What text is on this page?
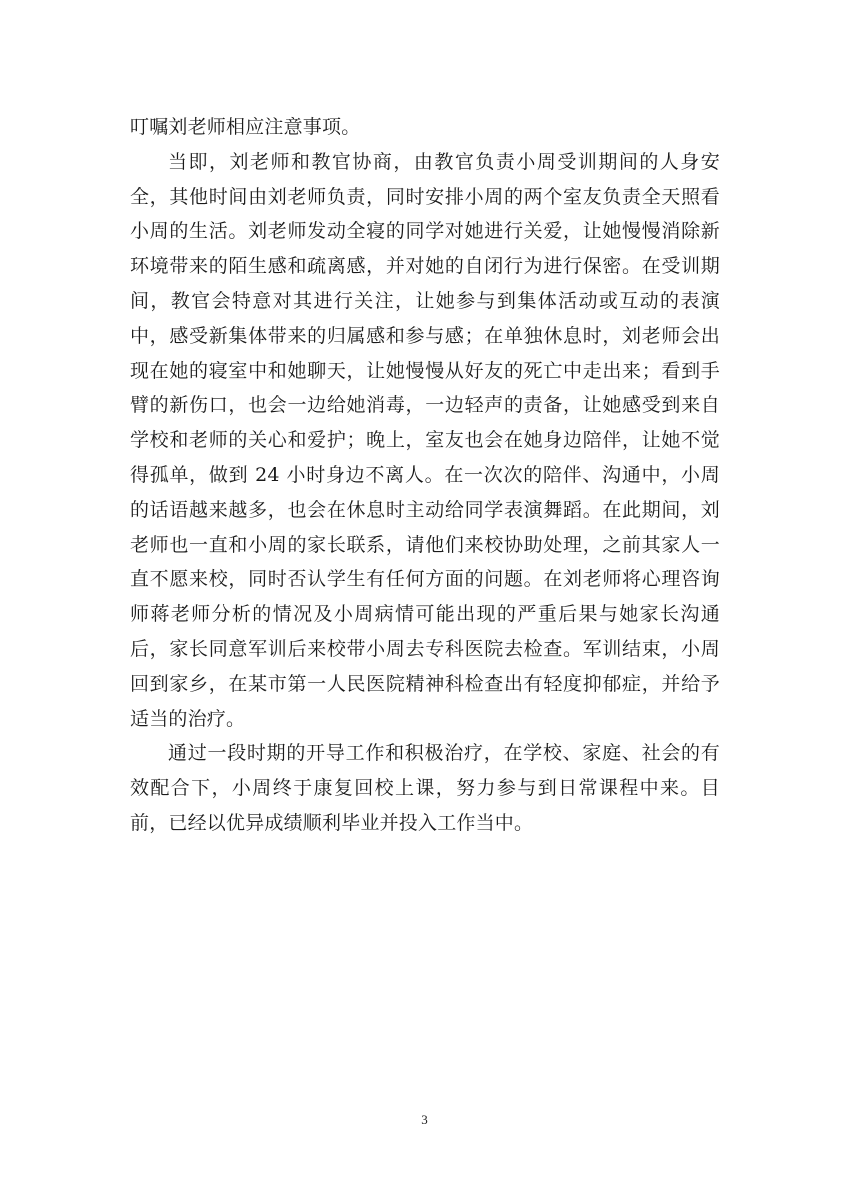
叮嘱刘老师相应注意事项。

当即，刘老师和教官协商，由教官负责小周受训期间的人身安全，其他时间由刘老师负责，同时安排小周的两个室友负责全天照看小周的生活。刘老师发动全寝的同学对她进行关爱，让她慢慢消除新环境带来的陌生感和疏离感，并对她的自闭行为进行保密。在受训期间，教官会特意对其进行关注，让她参与到集体活动或互动的表演中，感受新集体带来的归属感和参与感；在单独休息时，刘老师会出现在她的寝室中和她聊天，让她慢慢从好友的死亡中走出来；看到手臂的新伤口，也会一边给她消毒，一边轻声的责备，让她感受到来自学校和老师的关心和爱护；晚上，室友也会在她身边陪伴，让她不觉得孤单，做到 24 小时身边不离人。在一次次的陪伴、沟通中，小周的话语越来越多，也会在休息时主动给同学表演舞蹈。在此期间，刘老师也一直和小周的家长联系，请他们来校协助处理，之前其家人一直不愿来校，同时否认学生有任何方面的问题。在刘老师将心理咨询师蒋老师分析的情况及小周病情可能出现的严重后果与她家长沟通后，家长同意军训后来校带小周去专科医院去检查。军训结束，小周回到家乡，在某市第一人民医院精神科检查出有轻度抑郁症，并给予适当的治疗。

通过一段时期的开导工作和积极治疗，在学校、家庭、社会的有效配合下，小周终于康复回校上课，努力参与到日常课程中来。目前，已经以优异成绩顺利毕业并投入工作当中。

3
